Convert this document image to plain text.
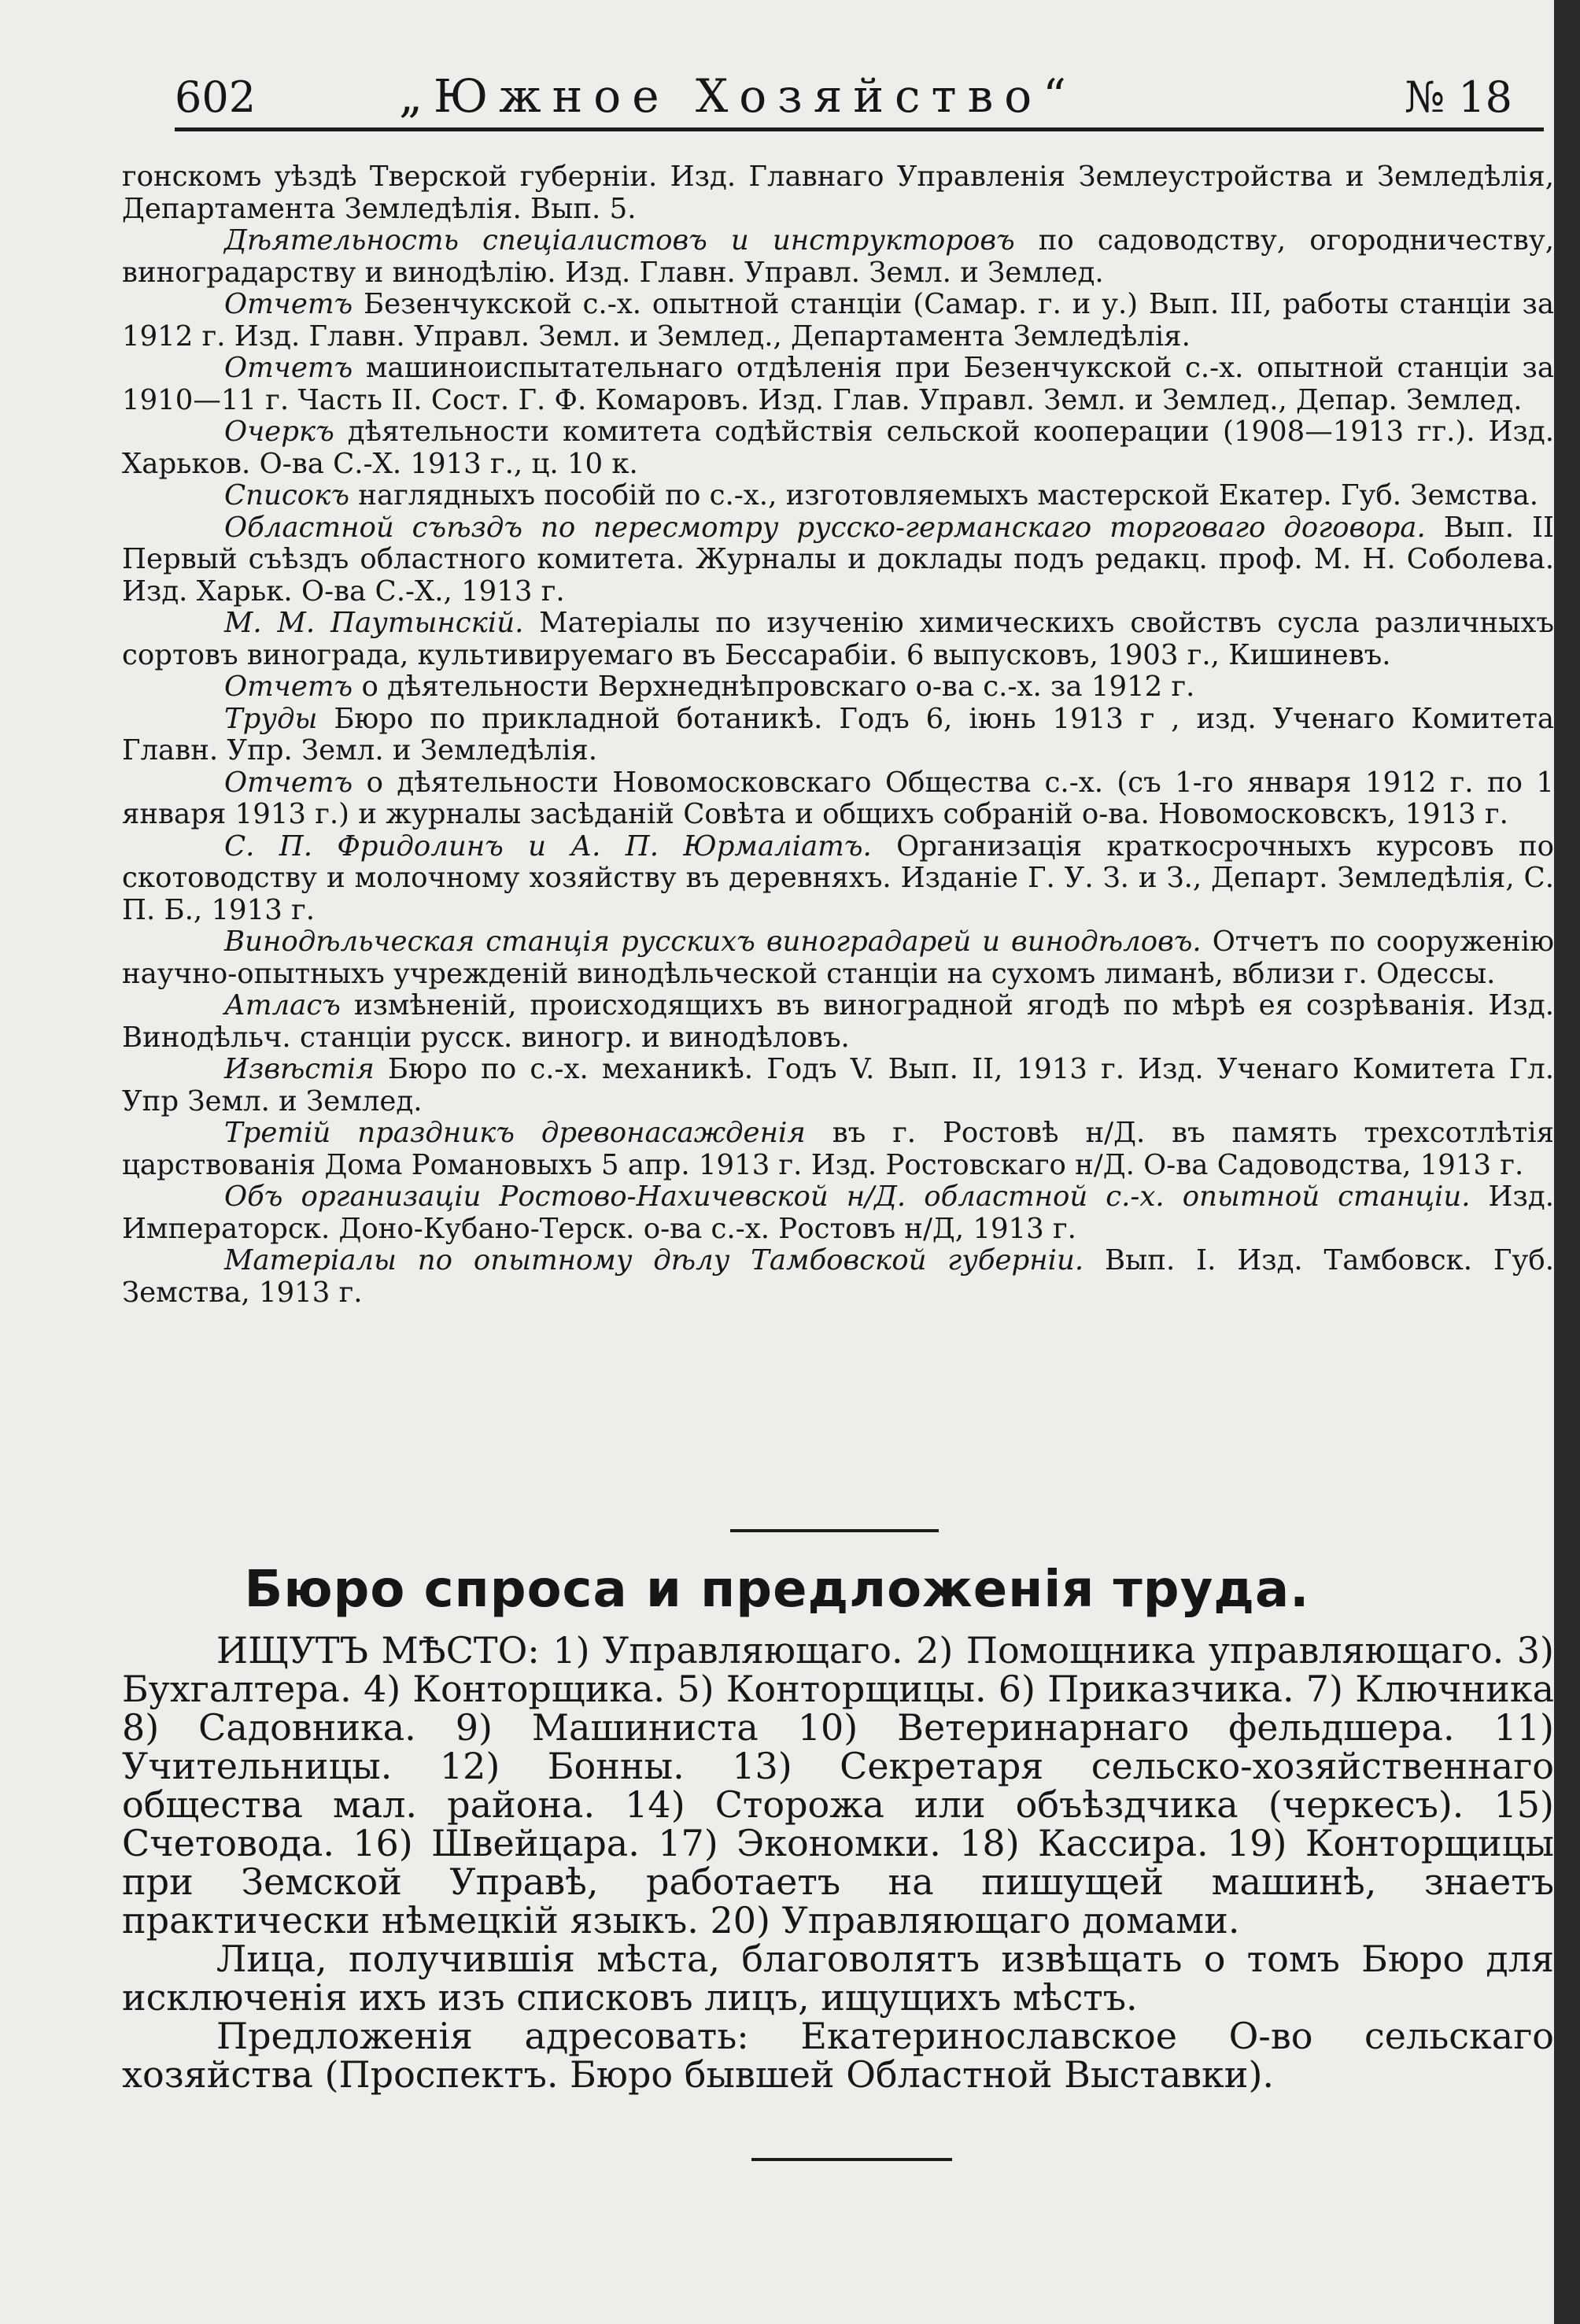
602	„Южное Хозяйство“	№ 18

гонскомъ уѣздѣ Тверской губерніи. Изд. Главнаго Управленія Землеустройства и Земледѣлія, Департамента Земледѣлія. Вып. 5.

Дѣятельность спеціалистовъ и инструкторовъ по садоводству, огородничеству, виноградарству и винодѣлію. Изд. Главн. Управл. Земл. и Землед.

Отчетъ Безенчукской с.-х. опытной станціи (Самар. г. и у.) Вып. III, работы станціи за 1912 г. Изд. Главн. Управл. Земл. и Землед., Департамента Земледѣлія.

Отчетъ машиноиспытательнаго отдѣленія при Безенчукской с.-х. опытной станціи за 1910—11 г. Часть II. Сост. Г. Ф. Комаровъ. Изд. Глав. Управл. Земл. и Землед., Депар. Землед.

Очеркъ дѣятельности комитета содѣйствія сельской кооперации (1908—1913 гг.). Изд. Харьков. О-ва С.-Х. 1913 г., ц. 10 к.

Списокъ наглядныхъ пособій по с.-х., изготовляемыхъ мастерской Екатер. Губ. Земства.

Областной съѣздъ по пересмотру русско-германскаго торговаго договора. Вып. II Первый съѣздъ областного комитета. Журналы и доклады подъ редакц. проф. М. Н. Соболева. Изд. Харьк. О-ва С.-Х., 1913 г.

М. М. Паутынскій. Матеріалы по изученію химическихъ свойствъ сусла различныхъ сортовъ винограда, культивируемаго въ Бессарабіи. 6 выпусковъ, 1903 г., Кишиневъ.

Отчетъ о дѣятельности Верхнеднѣпровскаго о-ва с.-х. за 1912 г.

Труды Бюро по прикладной ботаникѣ. Годъ 6, іюнь 1913 г , изд. Ученаго Комитета Главн. Упр. Земл. и Земледѣлія.

Отчетъ о дѣятельности Новомосковскаго Общества с.-х. (съ 1-го января 1912 г. по 1 января 1913 г.) и журналы засѣданій Совѣта и общихъ собраній о-ва. Новомосковскъ, 1913 г.

С. П. Фридолинъ и А. П. Юрмаліатъ. Организація краткосрочныхъ курсовъ по скотоводству и молочному хозяйству въ деревняхъ. Изданіе Г. У. З. и З., Департ. Земледѣлія, С. П. Б., 1913 г.

Винодѣльческая станція русскихъ виноградарей и винодѣловъ. Отчетъ по сооруженію научно-опытныхъ учрежденій винодѣльческой станціи на сухомъ лиманѣ, вблизи г. Одессы.

Атласъ измѣненій, происходящихъ въ виноградной ягодѣ по мѣрѣ ея созрѣванія. Изд. Винодѣльч. станціи русск. виногр. и винодѣловъ.

Извѣстія Бюро по с.-х. механикѣ. Годъ V. Вып. II, 1913 г. Изд. Ученаго Комитета Гл. Упр Земл. и Землед.

Третій праздникъ древонасажденія въ г. Ростовѣ н/Д. въ память трехсотлѣтія царствованія Дома Романовыхъ 5 апр. 1913 г. Изд. Ростовскаго н/Д. О-ва Садоводства, 1913 г.

Объ организаціи Ростово-Нахичевской н/Д. областной с.-х. опытной станціи. Изд. Императорск. Доно-Кубано-Терск. о-ва с.-х. Ростовъ н/Д, 1913 г.

Матеріалы по опытному дѣлу Тамбовской губерніи. Вып. I. Изд. Тамбовск. Губ. Земства, 1913 г.

Бюро спроса и предложенія труда.

ИЩУТЪ МѢСТО: 1) Управляющаго. 2) Помощника управляющаго. 3) Бухгалтера. 4) Конторщика. 5) Конторщицы. 6) Приказчика. 7) Ключника 8) Садовника. 9) Машиниста 10) Ветеринарнаго фельдшера. 11) Учительницы. 12) Бонны. 13) Секретаря сельско-хозяйственнаго общества мал. района. 14) Сторожа или объѣздчика (черкесъ). 15) Счетовода. 16) Швейцара. 17) Экономки. 18) Кассира. 19) Конторщицы при Земской Управѣ, работаетъ на пишущей машинѣ, знаетъ практически нѣмецкій языкъ. 20) Управляющаго домами.

Лица, получившія мѣста, благоволятъ извѣщать о томъ Бюро для исключенія ихъ изъ списковъ лицъ, ищущихъ мѣстъ.

Предложенія адресовать: Екатеринославское О-во сельскаго хозяйства (Проспектъ. Бюро бывшей Областной Выставки).
